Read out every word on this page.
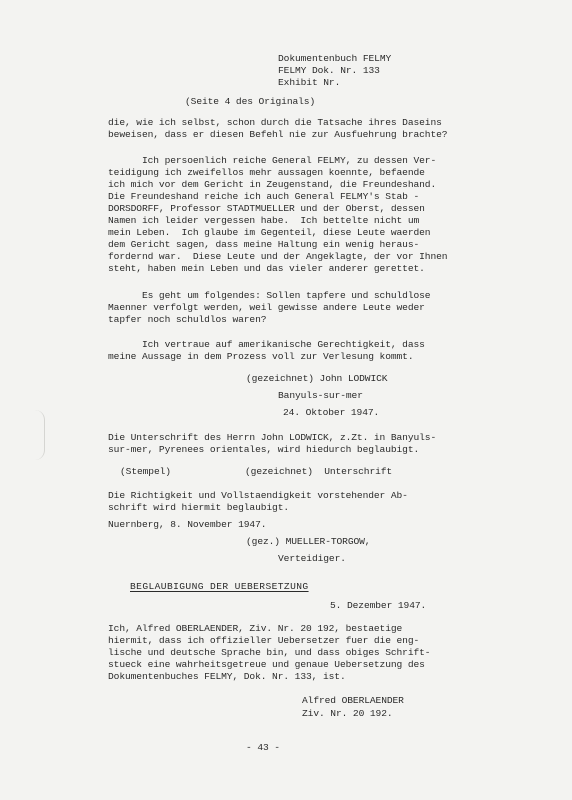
Dokumentenbuch FELMY
FELMY Dok. Nr. 133
Exhibit Nr.
(Seite 4 des Originals)
die, wie ich selbst, schon durch die Tatsache ihres Daseins
beweisen, dass er diesen Befehl nie zur Ausfuehrung brachte?
Ich persoenlich reiche General FELMY, zu dessen Ver-
teidigung ich zweifellos mehr aussagen koennte, befaende
ich mich vor dem Gericht in Zeugenstand, die Freundeshand.
Die Freundeshand reiche ich auch General FELMY's Stab -
DORSDORFF, Professor STADTMUELLER und der Oberst, dessen
Namen ich leider vergessen habe.  Ich bettelte nicht um
mein Leben.  Ich glaube im Gegenteil, diese Leute waerden
dem Gericht sagen, dass meine Haltung ein wenig heraus-
fordernd war.  Diese Leute und der Angeklagte, der vor Ihnen
steht, haben mein Leben und das vieler anderer gerettet.
Es geht um folgendes: Sollen tapfere und schuldlose
Maenner verfolgt werden, weil gewisse andere Leute weder
tapfer noch schuldlos waren?
Ich vertraue auf amerikanische Gerechtigkeit, dass
meine Aussage in dem Prozess voll zur Verlesung kommt.
(gezeichnet) John LODWICK
Banyuls-sur-mer
24. Oktober 1947.
Die Unterschrift des Herrn John LODWICK, z.Zt. in Banyuls-
sur-mer, Pyrenees orientales, wird hiedurch beglaubigt.
(Stempel)	(gezeichnet)  Unterschrift
Die Richtigkeit und Vollstaendigkeit vorstehender Ab-
schrift wird hiermit beglaubigt.
Nuernberg, 8. November 1947.
(gez.) MUELLER-TORGOW,
Verteidiger.
BEGLAUBIGUNG DER UEBERSETZUNG
5. Dezember 1947.
Ich, Alfred OBERLAENDER, Ziv. Nr. 20 192, bestaetige
hiermit, dass ich offizieller Uebersetzer fuer die eng-
lische und deutsche Sprache bin, und dass obiges Schrift-
stueck eine wahrheitsgetreue und genaue Uebersetzung des
Dokumentenbuches FELMY, Dok. Nr. 133, ist.
Alfred OBERLAENDER
Ziv. Nr. 20 192.
- 43 -
